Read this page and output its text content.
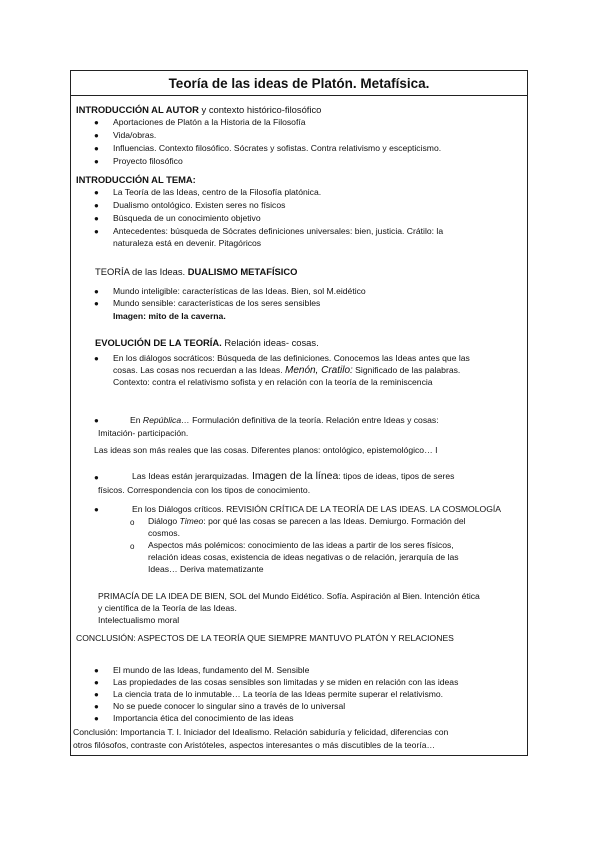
Teoría de las ideas de Platón. Metafísica.
INTRODUCCIÓN AL AUTOR y contexto histórico-filosófico
● Aportaciones de Platón a la Historia de la Filosofía
● Vida/obras.
● Influencias. Contexto filosófico. Sócrates y sofistas. Contra relativismo y escepticismo.
● Proyecto filosófico
INTRODUCCIÓN AL TEMA:
● La Teoría de las Ideas, centro de la Filosofía platónica.
● Dualismo ontológico. Existen seres no físicos
● Búsqueda de un conocimiento objetivo
● Antecedentes: búsqueda de Sócrates definiciones universales: bien, justicia. Crátilo: la
naturaleza está en devenir. Pitagóricos
TEORÍA de las Ideas. DUALISMO METAFÍSICO
● Mundo inteligible: características de las Ideas. Bien, sol M.eidético
● Mundo sensible: características de los seres sensibles
Imagen: mito de la caverna.
EVOLUCIÓN DE LA TEORÍA. Relación ideas- cosas.
● En los diálogos socráticos: Búsqueda de las definiciones. Conocemos las Ideas antes que las
cosas. Las cosas nos recuerdan a las Ideas. Menón, Cratilo: Significado de las palabras.
Contexto: contra el relativismo sofista y en relación con la teoría de la reminiscencia
●	En República… Formulación definitiva de la teoría. Relación entre Ideas y cosas:
Imitación- participación.
Las ideas son más reales que las cosas. Diferentes planos: ontológico, epistemológico… I
●	Las Ideas están jerarquizadas. Imagen de la línea: tipos de ideas, tipos de seres
físicos. Correspondencia con los tipos de conocimiento.
●	En los Diálogos críticos. REVISIÓN CRÍTICA DE LA TEORÍA DE LAS IDEAS. LA COSMOLOGÍA
o Diálogo Timeo: por qué las cosas se parecen a las Ideas. Demiurgo. Formación del
cosmos.
o Aspectos más polémicos: conocimiento de las ideas a partir de los seres físicos,
relación ideas cosas, existencia de ideas negativas o de relación, jerarquía de las
Ideas… Deriva matematizante
PRIMACÍA DE LA IDEA DE BIEN, SOL del Mundo Eidético. Sofía. Aspiración al Bien. Intención ética
y científica de la Teoría de las Ideas.
Intelectualismo moral
CONCLUSIÓN: ASPECTOS DE LA TEORÍA QUE SIEMPRE MANTUVO PLATÓN Y RELACIONES
● El mundo de las Ideas, fundamento del M. Sensible
● Las propiedades de las cosas sensibles son limitadas y se miden en relación con las ideas
● La ciencia trata de lo inmutable… La teoría de las Ideas permite superar el relativismo.
● No se puede conocer lo singular sino a través de lo universal
● Importancia ética del conocimiento de las ideas
Conclusión: Importancia T. I. Iniciador del Idealismo. Relación sabiduría y felicidad, diferencias con
otros filósofos, contraste con Aristóteles, aspectos interesantes o más discutibles de la teoría…
